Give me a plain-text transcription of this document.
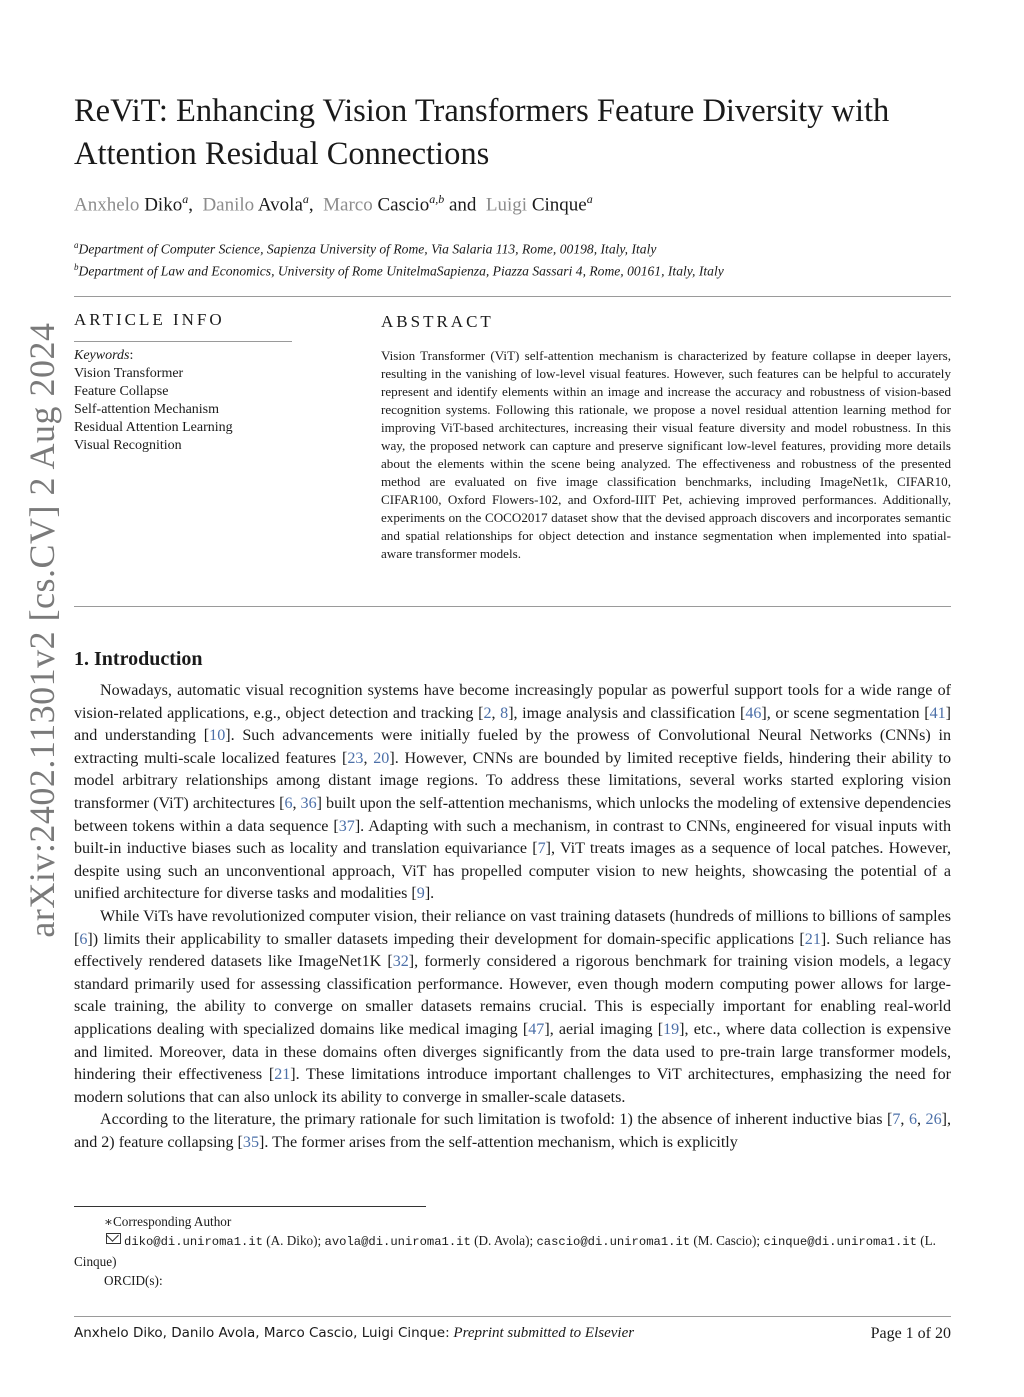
arXiv:2402.11301v2 [cs.CV] 2 Aug 2024
ReViT: Enhancing Vision Transformers Feature Diversity with
Attention Residual Connections
Anxhelo Diko$^a$, Danilo Avola$^a$, Marco Cascio$^{a,b}$ and Luigi Cinque$^a$
$^a$Department of Computer Science, Sapienza University of Rome, Via Salaria 113, Rome, 00198, Italy, Italy
$^b$Department of Law and Economics, University of Rome UnitelmaSapienza, Piazza Sassari 4, Rome, 00161, Italy, Italy
ARTICLE INFO
Keywords:
Vision Transformer
Feature Collapse
Self-attention Mechanism
Residual Attention Learning
Visual Recognition
ABSTRACT
Vision Transformer (ViT) self-attention mechanism is characterized by feature collapse in deeper layers, resulting in the vanishing of low-level visual features. However, such features can be helpful to accurately represent and identify elements within an image and increase the accuracy and robustness of vision-based recognition systems. Following this rationale, we propose a novel residual attention learning method for improving ViT-based architectures, increasing their visual feature diversity and model robustness. In this way, the proposed network can capture and preserve significant low-level features, providing more details about the elements within the scene being analyzed. The effectiveness and robustness of the presented method are evaluated on five image classification benchmarks, including ImageNet1k, CIFAR10, CIFAR100, Oxford Flowers-102, and Oxford-IIIT Pet, achieving improved performances. Additionally, experiments on the COCO2017 dataset show that the devised approach discovers and incorporates semantic and spatial relationships for object detection and instance segmentation when implemented into spatial-aware transformer models.
1. Introduction

Nowadays, automatic visual recognition systems have become increasingly popular as powerful support tools for a wide range of vision-related applications, e.g., object detection and tracking [2, 8], image analysis and classification [46], or scene segmentation [41] and understanding [10]. Such advancements were initially fueled by the prowess of Convolutional Neural Networks (CNNs) in extracting multi-scale localized features [23, 20]. However, CNNs are bounded by limited receptive fields, hindering their ability to model arbitrary relationships among distant image regions. To address these limitations, several works started exploring vision transformer (ViT) architectures [6, 36] built upon the self-attention mechanisms, which unlocks the modeling of extensive dependencies between tokens within a data sequence [37]. Adapting with such a mechanism, in contrast to CNNs, engineered for visual inputs with built-in inductive biases such as locality and translation equivariance [7], ViT treats images as a sequence of local patches. However, despite using such an unconventional approach, ViT has propelled computer vision to new heights, showcasing the potential of a unified architecture for diverse tasks and modalities [9].

While ViTs have revolutionized computer vision, their reliance on vast training datasets (hundreds of millions to billions of samples [6]) limits their applicability to smaller datasets impeding their development for domain-specific applications [21]. Such reliance has effectively rendered datasets like ImageNet1K [32], formerly considered a rigorous benchmark for training vision models, a legacy standard primarily used for assessing classification performance. However, even though modern computing power allows for large-scale training, the ability to converge on smaller datasets remains crucial. This is especially important for enabling real-world applications dealing with specialized domains like medical imaging [47], aerial imaging [19], etc., where data collection is expensive and limited. Moreover, data in these domains often diverges significantly from the data used to pre-train large transformer models, hindering their effectiveness [21]. These limitations introduce important challenges to ViT architectures, emphasizing the need for modern solutions that can also unlock its ability to converge in smaller-scale datasets.

According to the literature, the primary rationale for such limitation is twofold: 1) the absence of inherent inductive bias [7, 6, 26], and 2) feature collapsing [35]. The former arises from the self-attention mechanism, which is explicitly

∗Corresponding Author
diko@di.uniroma1.it (A. Diko); avola@di.uniroma1.it (D. Avola); cascio@di.uniroma1.it (M. Cascio); cinque@di.uniroma1.it (L. Cinque)
ORCID(s):
Anxhelo Diko, Danilo Avola, Marco Cascio, Luigi Cinque: Preprint submitted to Elsevier	Page 1 of 20
